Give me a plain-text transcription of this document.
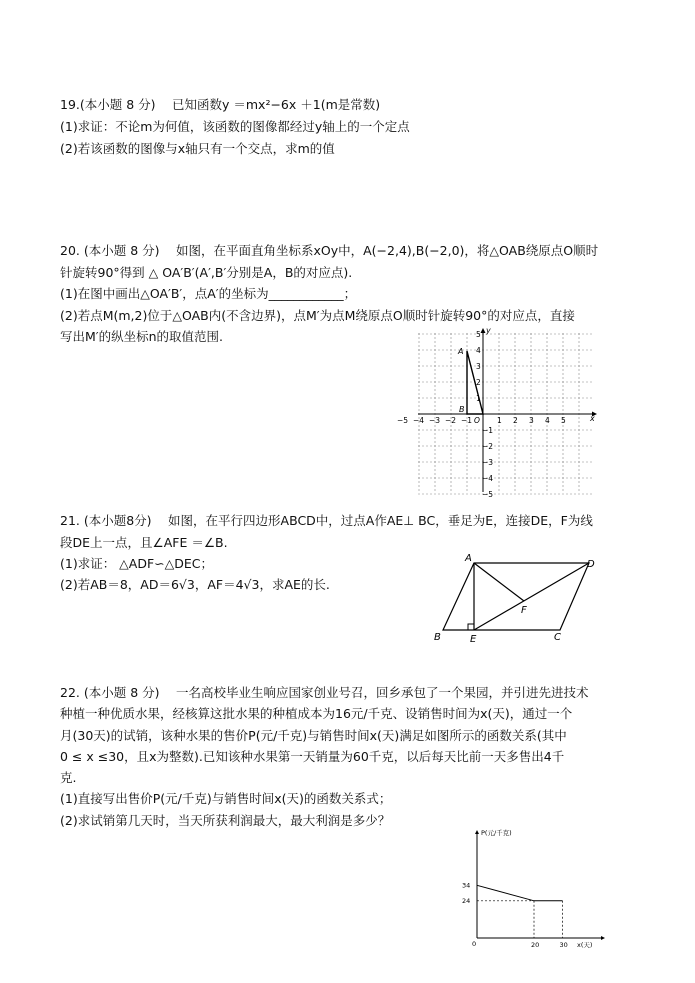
19.(本小题 8 分)　 已知函数y ＝mx²−6x ＋1(m是常数)
(1)求证：不论m为何值，该函数的图像都经过y轴上的一个定点
(2)若该函数的图像与x轴只有一个交点，求m的值
20. (本小题 8 分)　 如图，在平面直角坐标系xOy中，A(−2,4),B(−2,0)，将△OAB绕原点O顺时
针旋转90°得到 △ OA′B′(A′,B′分别是A，B的对应点).
(1)在图中画出△OA′B′，点A′的坐标为____________；
(2)若点M(m,2)位于△OAB内(不含边界)，点M′为点M绕原点O顺时针旋转90°的对应点，直接
写出M′的纵坐标n的取值范围.
x
y
−5 −4 −3 −2 −1 O 1 2 3 4 5
5
4
3
2
1
−1
−2
−3
−4
−5
A
B
21. (本小题8分)　 如图，在平行四边形ABCD中，过点A作AE⊥ BC，垂足为E，连接DE，F为线
段DE上一点，且∠AFE ＝∠B.
(1)求证： △ADF∽△DEC；
(2)若AB＝8，AD＝6√3，AF＝4√3，求AE的长.
A
D
B	E	C
F
22. (本小题 8 分)　 一名高校毕业生响应国家创业号召，回乡承包了一个果园，并引进先进技术
种植一种优质水果，经核算这批水果的种植成本为16元/千克、设销售时间为x(天)，通过一个
月(30天)的试销，该种水果的售价P(元/千克)与销售时间x(天)满足如图所示的函数关系(其中
0 ≤ x ≤30，且x为整数).已知该种水果第一天销量为60千克，以后每天比前一天多售出4千
克.
(1)直接写出售价P(元/千克)与销售时间x(天)的函数关系式；
(2)求试销第几天时，当天所获利润最大，最大利润是多少？
P(元/千克)
x(天)
0
34
24
20	30
